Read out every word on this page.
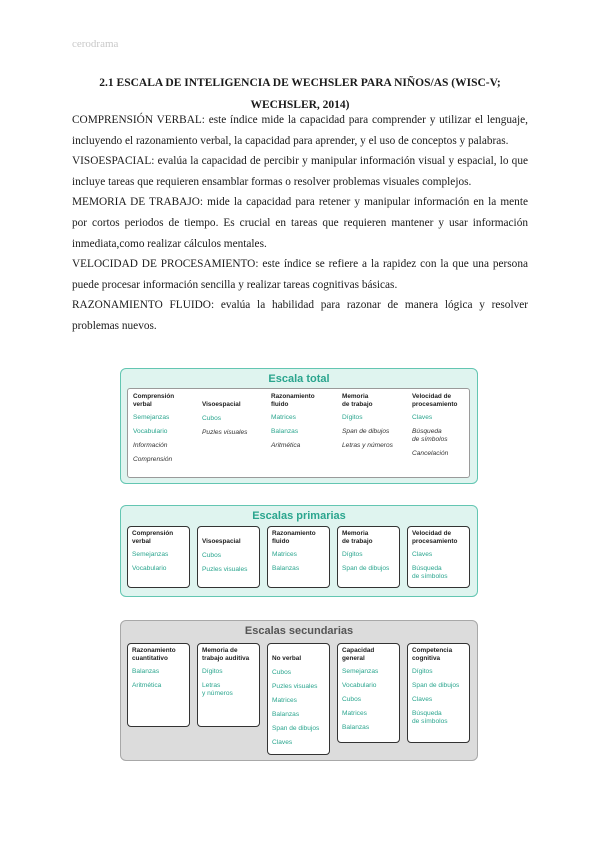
cerodrama
2.1 ESCALA DE INTELIGENCIA DE WECHSLER PARA NIÑOS/AS (WISC-V;
WECHSLER, 2014)

COMPRENSIÓN VERBAL: este índice mide la capacidad para comprender y utilizar el lenguaje, incluyendo el razonamiento verbal, la capacidad para aprender, y el uso de conceptos y palabras.

VISOESPACIAL: evalúa la capacidad de percibir y manipular información visual y espacial, lo que incluye tareas que requieren ensamblar formas o resolver problemas visuales complejos.

MEMORIA DE TRABAJO: mide la capacidad para retener y manipular información en la mente por cortos periodos de tiempo. Es crucial en tareas que requieren mantener y usar información inmediata,como realizar cálculos mentales.

VELOCIDAD DE PROCESAMIENTO: este índice se refiere a la rapidez con la que una persona puede procesar información sencilla y realizar tareas cognitivas básicas.

RAZONAMIENTO FLUIDO: evalúa la habilidad para razonar de manera lógica y resolver problemas nuevos.

Escala total
Comprensión
verbal
Semejanzas
Vocabulario
Información
Comprensión
Visoespacial
Cubos
Puzles visuales
Razonamiento
fluido
Matrices
Balanzas
Aritmética
Memoria
de trabajo
Dígitos
Span de dibujos
Letras y números
Velocidad de
procesamiento
Claves
Búsqueda
de símbolos
Cancelación
Escalas primarias
Comprensión
verbal
Semejanzas
Vocabulario
Visoespacial
Cubos
Puzles visuales
Razonamiento
fluido
Matrices
Balanzas
Memoria
de trabajo
Dígitos
Span de dibujos
Velocidad de
procesamiento
Claves
Búsqueda
de símbolos
Escalas secundarias
Razonamiento
cuantitativo
Balanzas
Aritmética
Memoria de
trabajo auditiva
Dígitos
Letras
y números
No verbal
Cubos
Puzles visuales
Matrices
Balanzas
Span de dibujos
Claves
Capacidad
general
Semejanzas
Vocabulario
Cubos
Matrices
Balanzas
Competencia
cognitiva
Dígitos
Span de dibujos
Claves
Búsqueda
de símbolos
